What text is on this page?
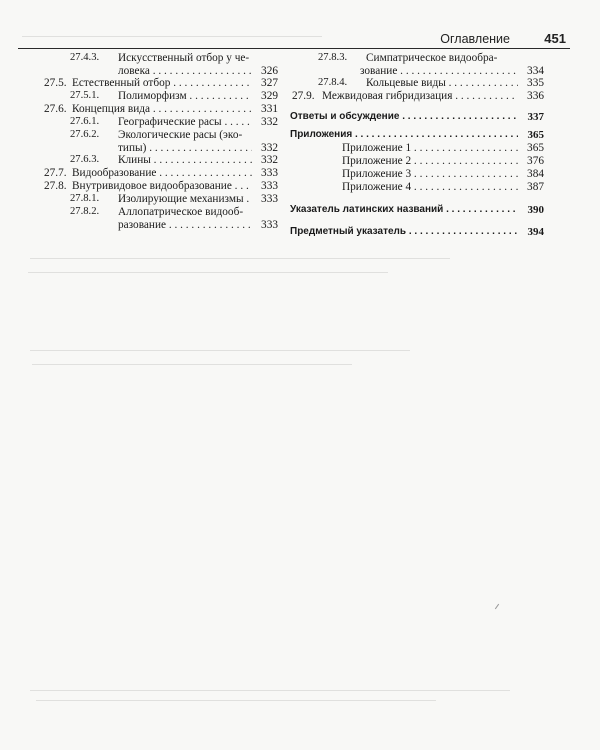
Оглавление	451
27.4.3.	Искусственный отбор у че-
ловека . . .	326
27.5. Естественный отбор . . .	327
27.5.1.	Полиморфизм . . .	329
27.6. Концепция вида . . .	331
27.6.1.	Географические расы . . .	332
27.6.2.	Экологические расы (эко-
типы) . . .	332
27.6.3.	Клины . . .	332
27.7. Видообразование . . .	333
27.8. Внутривидовое видообразование . . .	333
27.8.1.	Изолирующие механизмы . . .	333
27.8.2.	Аллопатрическое видооб-
разование . . .	333
27.8.3.	Симпатрическое видообра-
зование . . .	334
27.8.4.	Кольцевые виды . . .	335
27.9. Межвидовая гибридизация . . .	336
Ответы и обсуждение . . .	337
Приложения . . .	365
Приложение 1 . . .	365
Приложение 2 . . .	376
Приложение 3 . . .	384
Приложение 4 . . .	387
Указатель латинских названий . . .	390
Предметный указатель . . .	394
